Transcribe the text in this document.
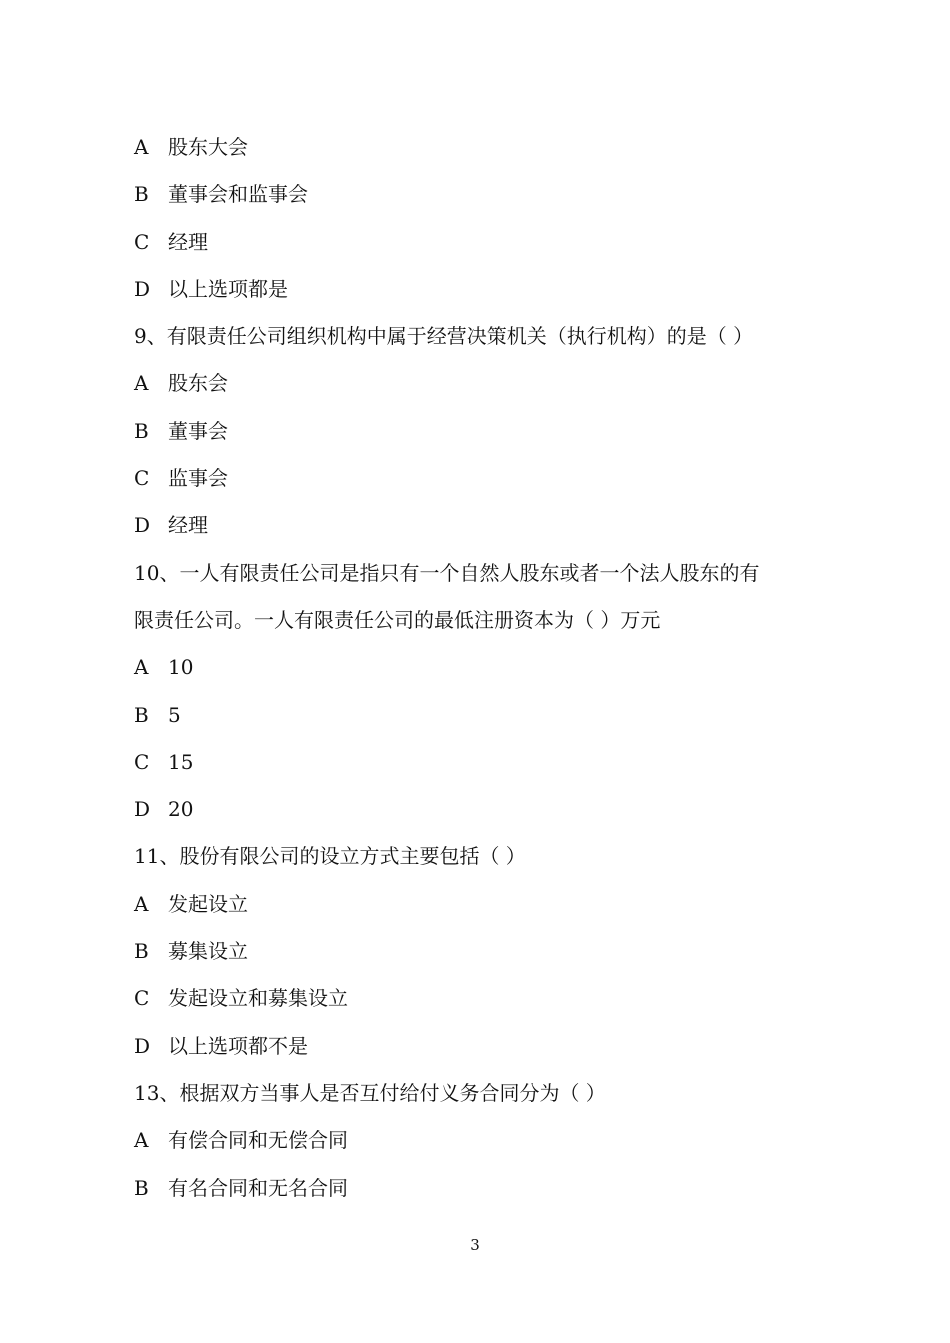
A 股东大会
B 董事会和监事会
C 经理
D 以上选项都是
9、有限责任公司组织机构中属于经营决策机关（执行机构）的是（ ）
A 股东会
B 董事会
C 监事会
D 经理
10、一人有限责任公司是指只有一个自然人股东或者一个法人股东的有
限责任公司。一人有限责任公司的最低注册资本为（ ）万元
A 10
B 5
C 15
D 20
11、股份有限公司的设立方式主要包括（ ）
A 发起设立
B 募集设立
C 发起设立和募集设立
D 以上选项都不是
13、根据双方当事人是否互付给付义务合同分为（ ）
A 有偿合同和无偿合同
B 有名合同和无名合同
3
